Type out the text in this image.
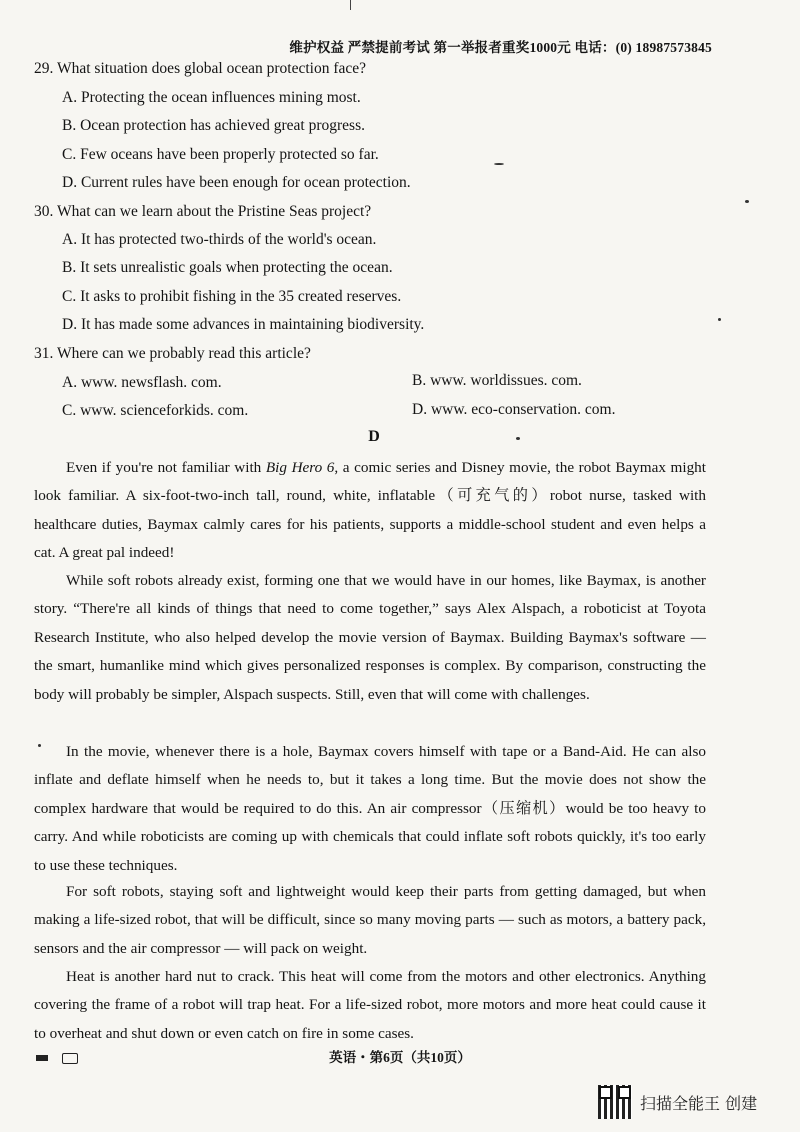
维护权益 严禁提前考试 第一举报者重奖1000元 电话：(0) 18987573845
29. What situation does global ocean protection face?
A. Protecting the ocean influences mining most.
B. Ocean protection has achieved great progress.
C. Few oceans have been properly protected so far.
D. Current rules have been enough for ocean protection.
30. What can we learn about the Pristine Seas project?
A. It has protected two-thirds of the world's ocean.
B. It sets unrealistic goals when protecting the ocean.
C. It asks to prohibit fishing in the 35 created reserves.
D. It has made some advances in maintaining biodiversity.
31. Where can we probably read this article?
A. www. newsflash. com.	B. www. worldissues. com.
C. www. scienceforkids. com.	D. www. eco-conservation. com.
D

Even if you're not familiar with Big Hero 6, a comic series and Disney movie, the robot Baymax might look familiar. A six-foot-two-inch tall, round, white, inflatable（可充气的）robot nurse, tasked with healthcare duties, Baymax calmly cares for his patients, supports a middle-school student and even helps a cat. A great pal indeed!

While soft robots already exist, forming one that we would have in our homes, like Baymax, is another story. “There're all kinds of things that need to come together,” says Alex Alspach, a roboticist at Toyota Research Institute, who also helped develop the movie version of Baymax. Building Baymax's software — the smart, humanlike mind which gives personalized responses is complex. By comparison, constructing the body will probably be simpler, Alspach suspects. Still, even that will come with challenges.

In the movie, whenever there is a hole, Baymax covers himself with tape or a Band-Aid. He can also inflate and deflate himself when he needs to, but it takes a long time. But the movie does not show the complex hardware that would be required to do this. An air compressor（压缩机）would be too heavy to carry. And while roboticists are coming up with chemicals that could inflate soft robots quickly, it's too early to use these techniques.

For soft robots, staying soft and lightweight would keep their parts from getting damaged, but when making a life-sized robot, that will be difficult, since so many moving parts — such as motors, a battery pack, sensors and the air compressor — will pack on weight.

Heat is another hard nut to crack. This heat will come from the motors and other electronics. Anything covering the frame of a robot will trap heat. For a life-sized robot, more motors and more heat could cause it to overheat and shut down or even catch on fire in some cases.

英语・第6页（共10页）
扫描全能王 创建
